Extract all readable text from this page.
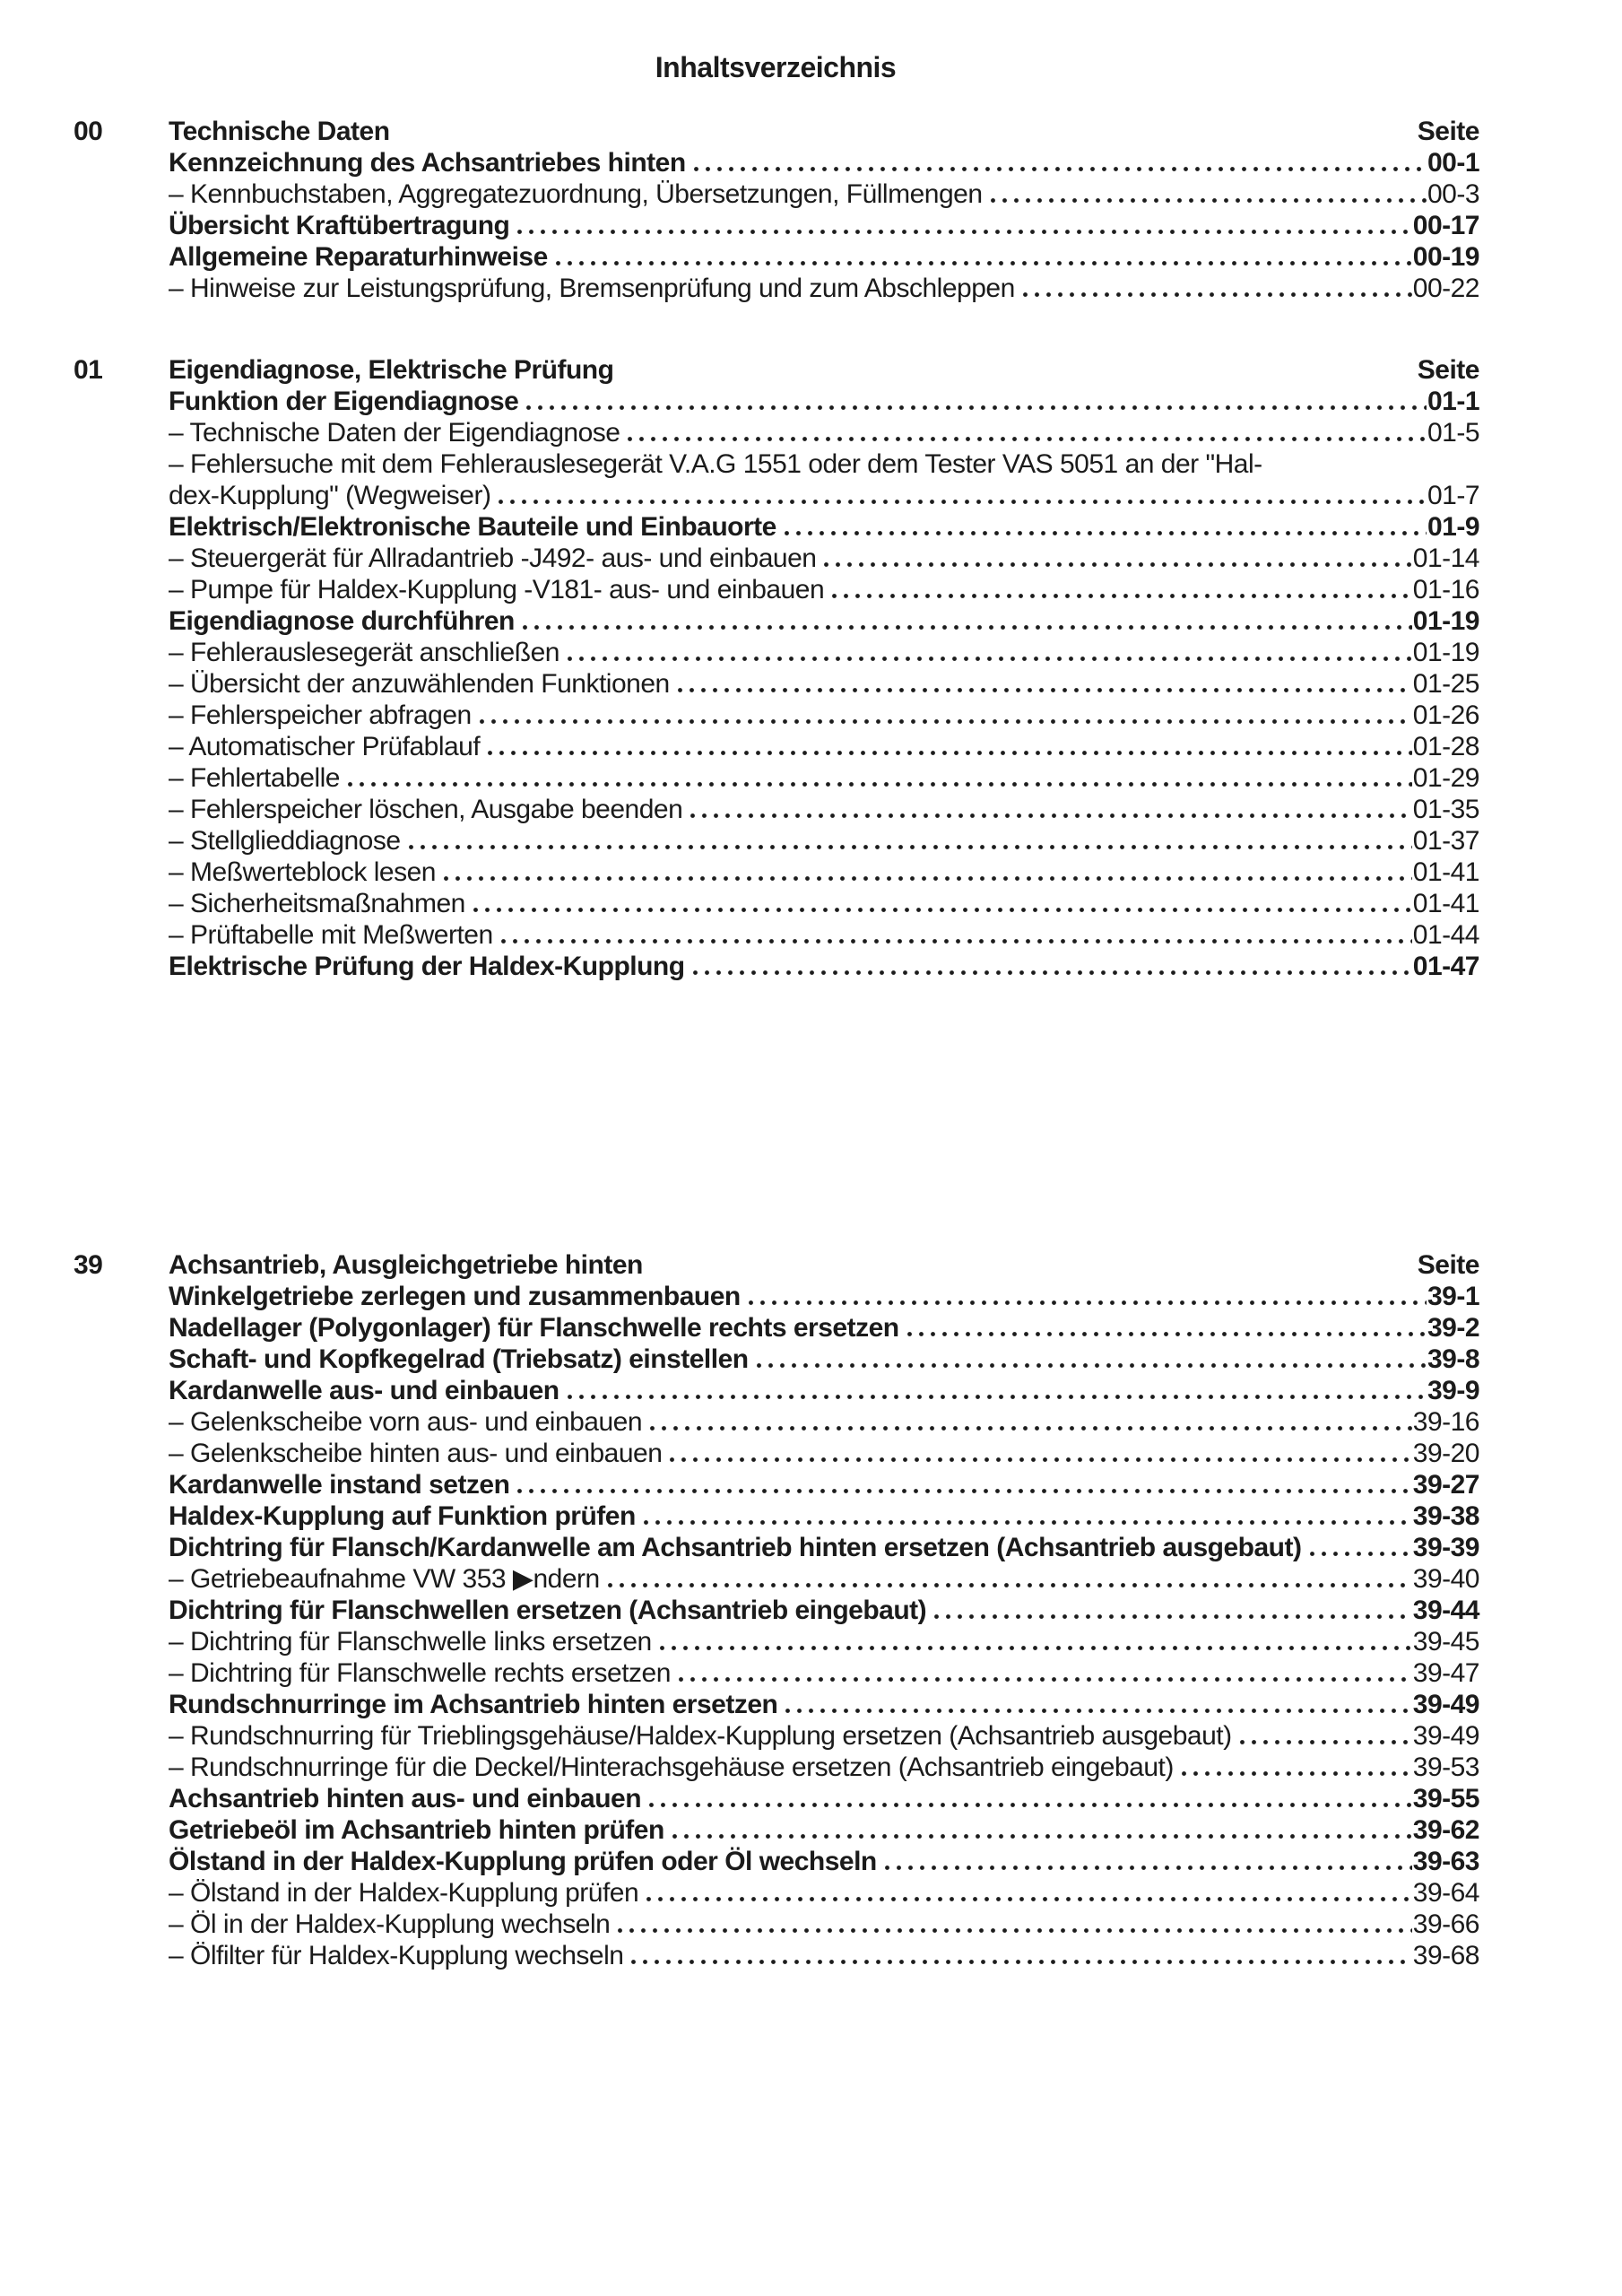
Inhaltsverzeichnis
00	Technische Daten	Seite
Kennzeichnung des Achsantriebes hinten	00-1
– Kennbuchstaben, Aggregatezuordnung, Übersetzungen, Füllmengen	00-3
Übersicht Kraftübertragung	00-17
Allgemeine Reparaturhinweise	00-19
– Hinweise zur Leistungsprüfung, Bremsenprüfung und zum Abschleppen	00-22
01	Eigendiagnose, Elektrische Prüfung	Seite
Funktion der Eigendiagnose	01-1
– Technische Daten der Eigendiagnose	01-5
– Fehlersuche mit dem Fehlerauslesegerät V.A.G 1551 oder dem Tester VAS 5051 an der "Hal-
dex-Kupplung" (Wegweiser)	01-7
Elektrisch/Elektronische Bauteile und Einbauorte	01-9
– Steuergerät für Allradantrieb -J492- aus- und einbauen	01-14
– Pumpe für Haldex-Kupplung -V181- aus- und einbauen	01-16
Eigendiagnose durchführen	01-19
– Fehlerauslesegerät anschließen	01-19
– Übersicht der anzuwählenden Funktionen	01-25
– Fehlerspeicher abfragen	01-26
– Automatischer Prüfablauf	01-28
– Fehlertabelle	01-29
– Fehlerspeicher löschen, Ausgabe beenden	01-35
– Stellglieddiagnose	01-37
– Meßwerteblock lesen	01-41
– Sicherheitsmaßnahmen	01-41
– Prüftabelle mit Meßwerten	01-44
Elektrische Prüfung der Haldex-Kupplung	01-47
39	Achsantrieb, Ausgleichgetriebe hinten	Seite
Winkelgetriebe zerlegen und zusammenbauen	39-1
Nadellager (Polygonlager) für Flanschwelle rechts ersetzen	39-2
Schaft- und Kopfkegelrad (Triebsatz) einstellen	39-8
Kardanwelle aus- und einbauen	39-9
– Gelenkscheibe vorn aus- und einbauen	39-16
– Gelenkscheibe hinten aus- und einbauen	39-20
Kardanwelle instand setzen	39-27
Haldex-Kupplung auf Funktion prüfen	39-38
Dichtring für Flansch/Kardanwelle am Achsantrieb hinten ersetzen (Achsantrieb ausgebaut)	39-39
– Getriebeaufnahme VW 353 ▶ndern	39-40
Dichtring für Flanschwellen ersetzen (Achsantrieb eingebaut)	39-44
– Dichtring für Flanschwelle links ersetzen	39-45
– Dichtring für Flanschwelle rechts ersetzen	39-47
Rundschnurringe im Achsantrieb hinten ersetzen	39-49
– Rundschnurring für Trieblingsgehäuse/Haldex-Kupplung ersetzen (Achsantrieb ausgebaut)	39-49
– Rundschnurringe für die Deckel/Hinterachsgehäuse ersetzen (Achsantrieb eingebaut)	39-53
Achsantrieb hinten aus- und einbauen	39-55
Getriebeöl im Achsantrieb hinten prüfen	39-62
Ölstand in der Haldex-Kupplung prüfen oder Öl wechseln	39-63
– Ölstand in der Haldex-Kupplung prüfen	39-64
– Öl in der Haldex-Kupplung wechseln	39-66
– Ölfilter für Haldex-Kupplung wechseln	39-68
